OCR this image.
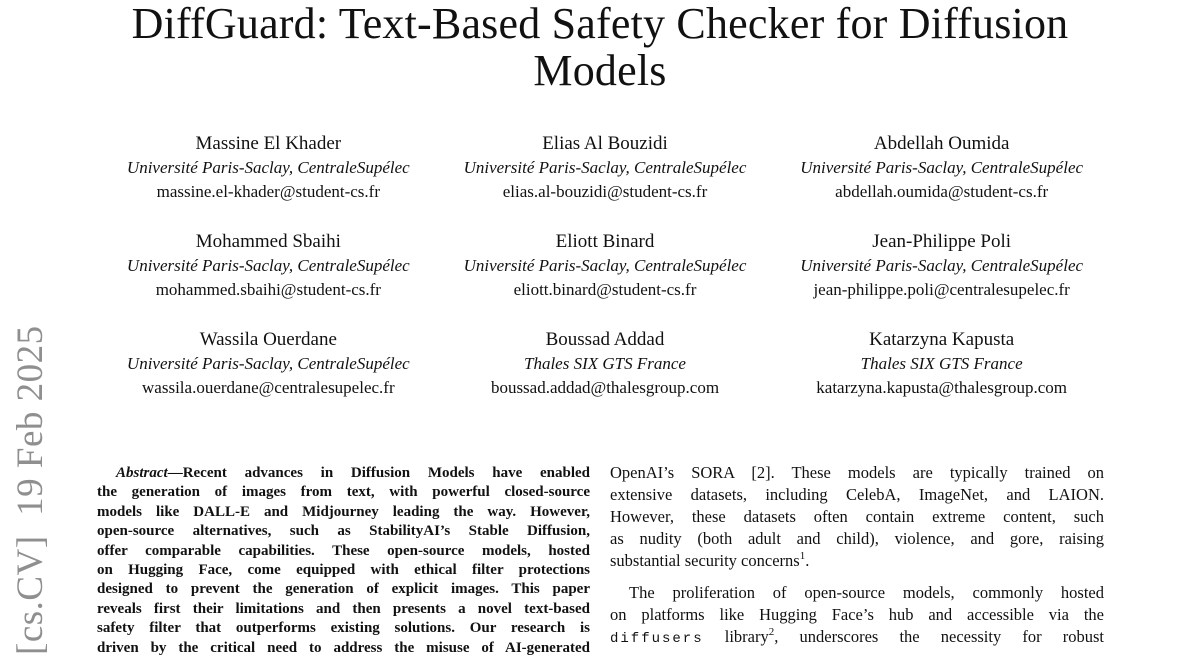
[cs.CV]  19 Feb 2025
DiffGuard: Text-Based Safety Checker for Diffusion
Models
Massine El Khader
Université Paris-Saclay, CentraleSupélec
massine.el-khader@student-cs.fr
Elias Al Bouzidi
Université Paris-Saclay, CentraleSupélec
elias.al-bouzidi@student-cs.fr
Abdellah Oumida
Université Paris-Saclay, CentraleSupélec
abdellah.oumida@student-cs.fr
Mohammed Sbaihi
Université Paris-Saclay, CentraleSupélec
mohammed.sbaihi@student-cs.fr
Eliott Binard
Université Paris-Saclay, CentraleSupélec
eliott.binard@student-cs.fr
Jean-Philippe Poli
Université Paris-Saclay, CentraleSupélec
jean-philippe.poli@centralesupelec.fr
Wassila Ouerdane
Université Paris-Saclay, CentraleSupélec
wassila.ouerdane@centralesupelec.fr
Boussad Addad
Thales SIX GTS France
boussad.addad@thalesgroup.com
Katarzyna Kapusta
Thales SIX GTS France
katarzyna.kapusta@thalesgroup.com
Abstract—Recent advances in Diffusion Models have enabled
the generation of images from text, with powerful closed-source
models like DALL-E and Midjourney leading the way. However,
open-source alternatives, such as StabilityAI’s Stable Diffusion,
offer comparable capabilities. These open-source models, hosted
on Hugging Face, come equipped with ethical filter protections
designed to prevent the generation of explicit images. This paper
reveals first their limitations and then presents a novel text-based
safety filter that outperforms existing solutions. Our research is
driven by the critical need to address the misuse of AI-generated
OpenAI’s SORA [2]. These models are typically trained on
extensive datasets, including CelebA, ImageNet, and LAION.
However, these datasets often contain extreme content, such
as nudity (both adult and child), violence, and gore, raising
substantial security concerns$^1$.
The proliferation of open-source models, commonly hosted
on platforms like Hugging Face’s hub and accessible via the
diffusers library$^2$, underscores the necessity for robust
